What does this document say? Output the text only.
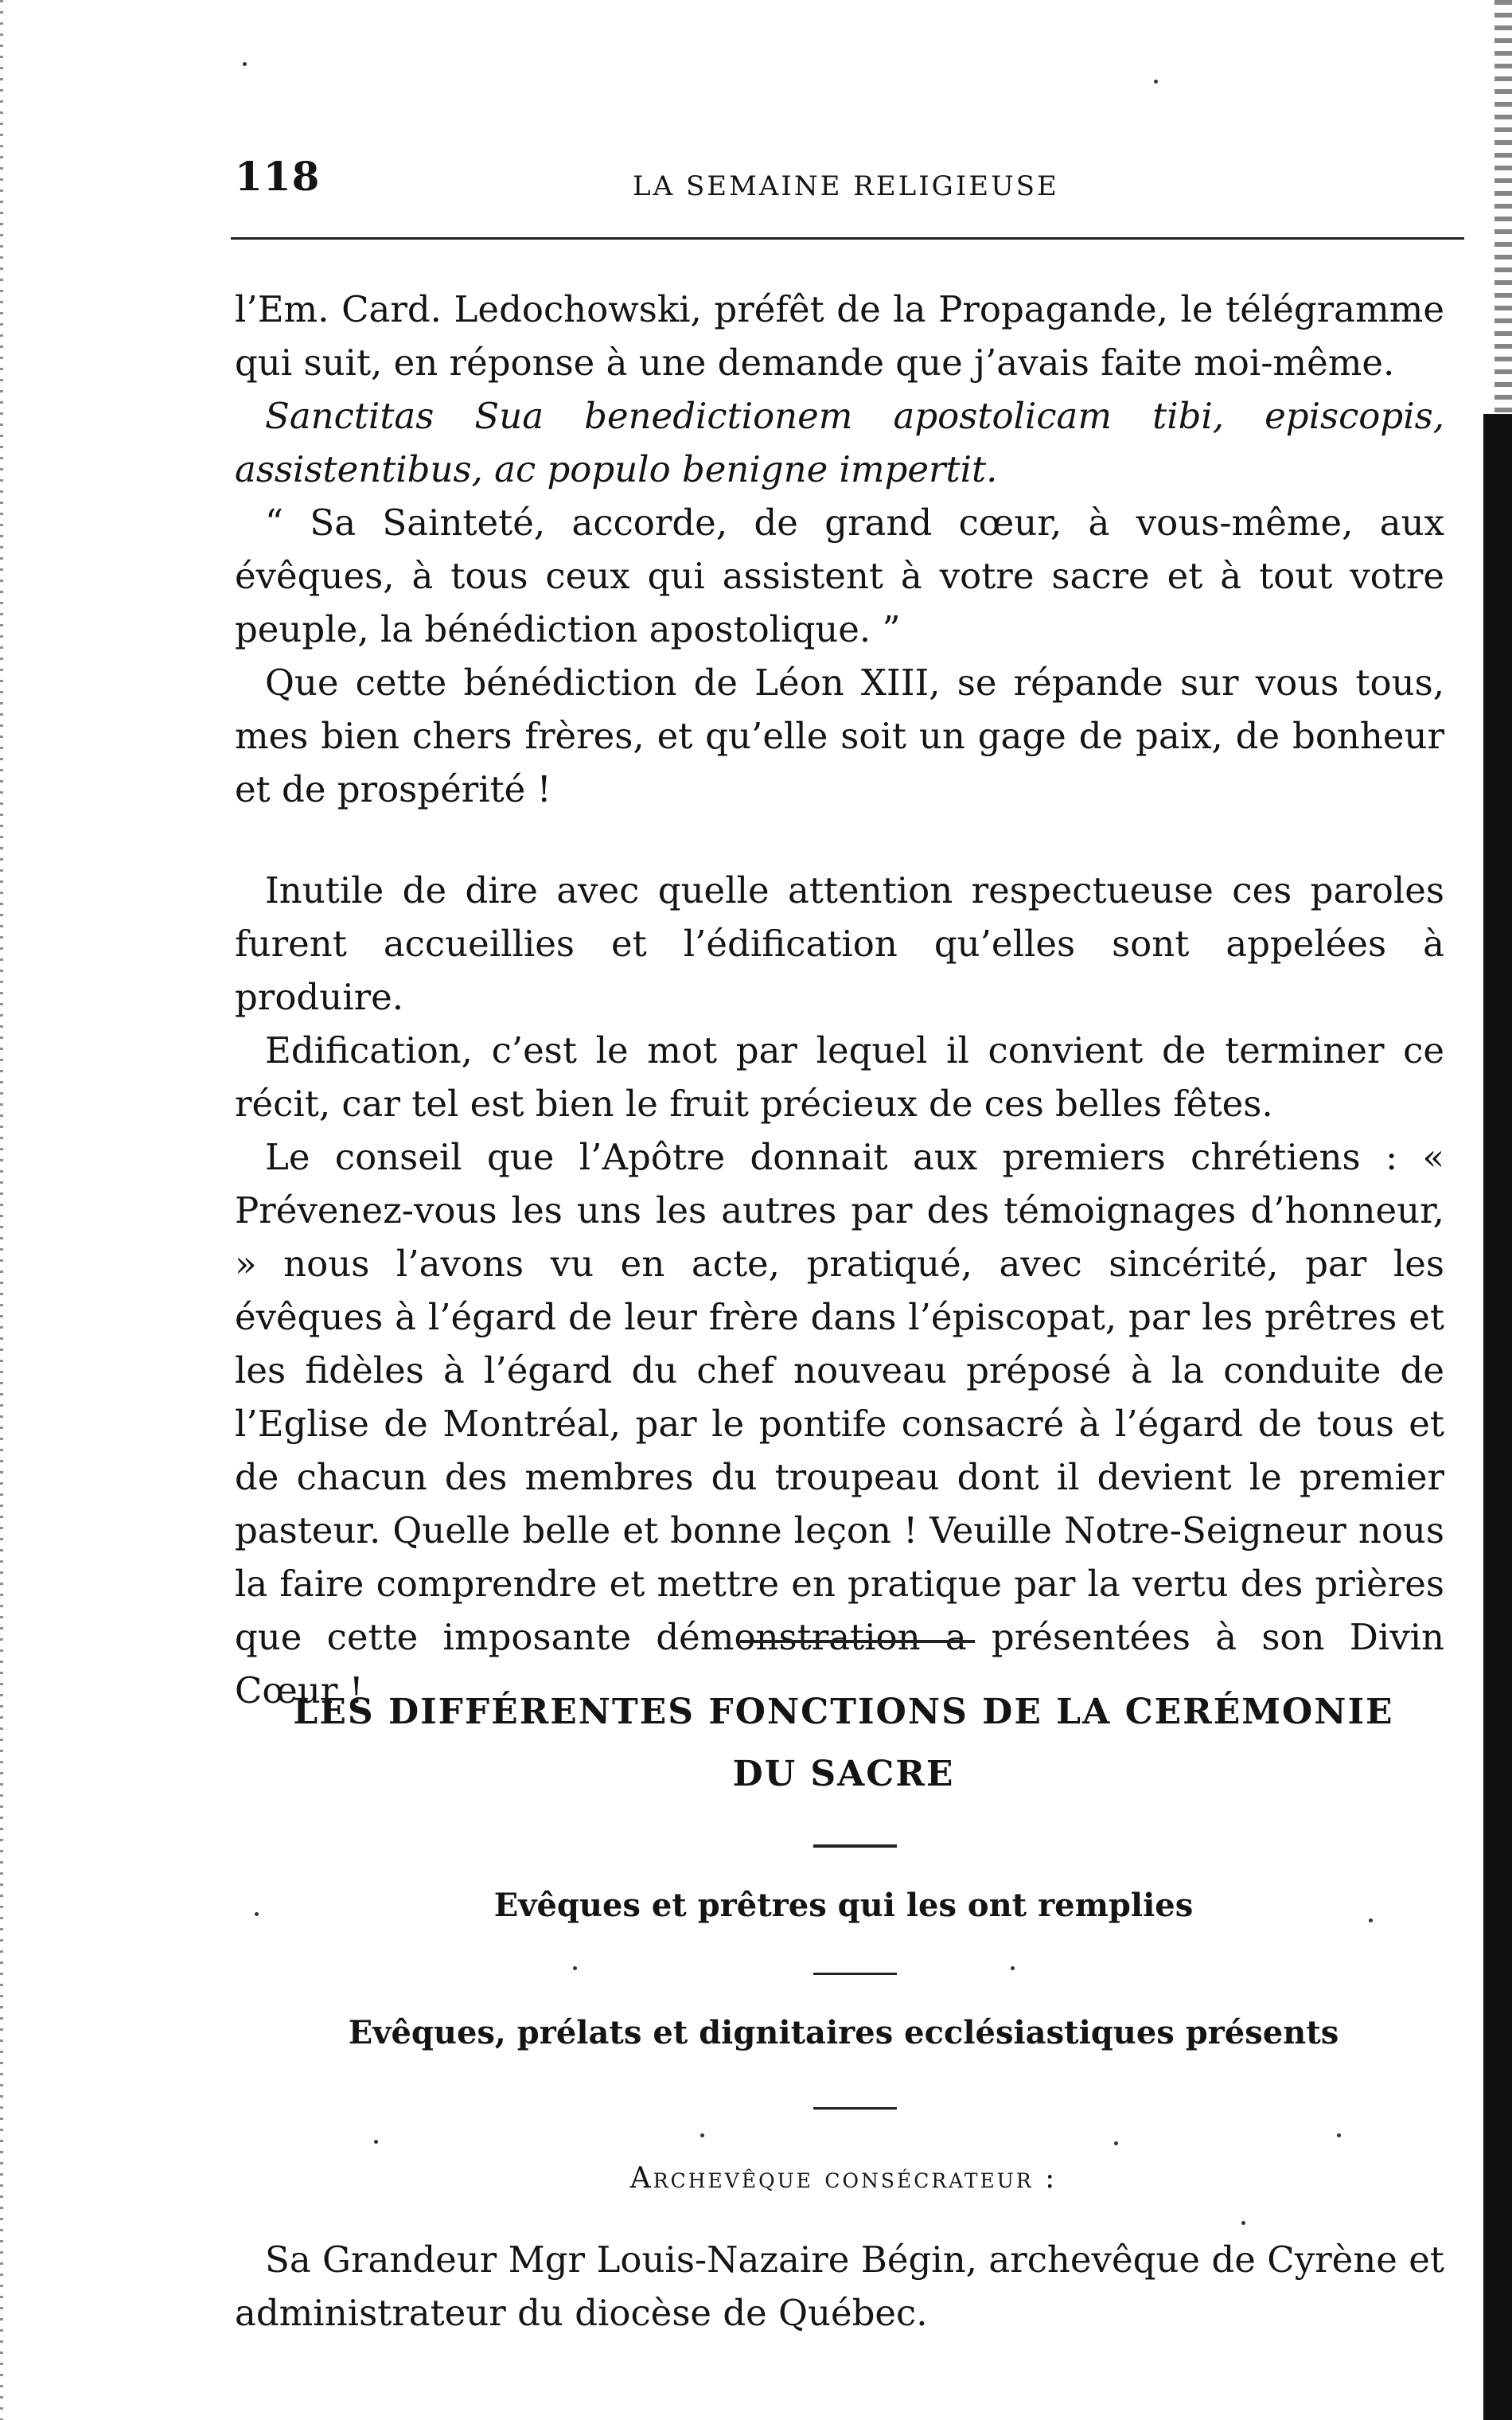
118	LA SEMAINE RELIGIEUSE

l’Em. Card. Ledochowski, préfêt de la Propagande, le télégramme qui suit, en réponse à une demande que j’avais faite moi-même.

Sanctitas Sua benedictionem apostolicam tibi, episcopis, assistentibus, ac populo benigne impertit.

“ Sa Sainteté, accorde, de grand cœur, à vous-même, aux évêques, à tous ceux qui assistent à votre sacre et à tout votre peuple, la bénédiction apostolique. ”

Que cette bénédiction de Léon XIII, se répande sur vous tous, mes bien chers frères, et qu’elle soit un gage de paix, de bonheur et de prospérité !

Inutile de dire avec quelle attention respectueuse ces paroles furent accueillies et l’édification qu’elles sont appelées à produire.

Edification, c’est le mot par lequel il convient de terminer ce récit, car tel est bien le fruit précieux de ces belles fêtes.

Le conseil que l’Apôtre donnait aux premiers chrétiens : « Prévenez-vous les uns les autres par des témoignages d’honneur, » nous l’avons vu en acte, pratiqué, avec sincérité, par les évêques à l’égard de leur frère dans l’épiscopat, par les prêtres et les fidèles à l’égard du chef nouveau préposé à la conduite de l’Eglise de Montréal, par le pontife consacré à l’égard de tous et de chacun des membres du troupeau dont il devient le premier pasteur. Quelle belle et bonne leçon ! Veuille Notre-Seigneur nous la faire comprendre et mettre en pratique par la vertu des prières que cette imposante démonstration a présentées à son Divin Cœur !

LES DIFFÉRENTES FONCTIONS DE LA CERÉMONIE

DU SACRE

Evêques et prêtres qui les ont remplies

Evêques, prélats et dignitaires ecclésiastiques présents

Archevêque consécrateur :

Sa Grandeur Mgr Louis-Nazaire Bégin, archevêque de Cyrène et administrateur du diocèse de Québec.
